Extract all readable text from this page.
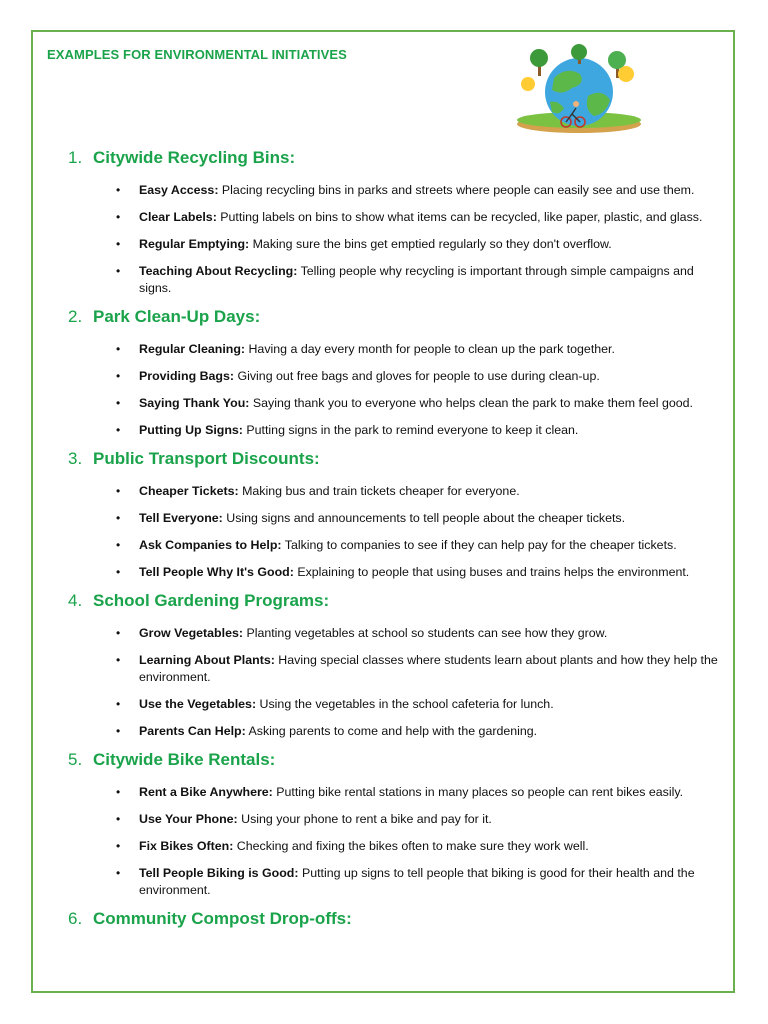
EXAMPLES FOR ENVIRONMENTAL INITIATIVES
1. Citywide Recycling Bins:
• Easy Access: Placing recycling bins in parks and streets where people can easily see and use them.
• Clear Labels: Putting labels on bins to show what items can be recycled, like paper, plastic, and glass.
• Regular Emptying: Making sure the bins get emptied regularly so they don't overflow.
• Teaching About Recycling: Telling people why recycling is important through simple campaigns and signs.
2. Park Clean-Up Days:
• Regular Cleaning: Having a day every month for people to clean up the park together.
• Providing Bags: Giving out free bags and gloves for people to use during clean-up.
• Saying Thank You: Saying thank you to everyone who helps clean the park to make them feel good.
• Putting Up Signs: Putting signs in the park to remind everyone to keep it clean.
3. Public Transport Discounts:
• Cheaper Tickets: Making bus and train tickets cheaper for everyone.
• Tell Everyone: Using signs and announcements to tell people about the cheaper tickets.
• Ask Companies to Help: Talking to companies to see if they can help pay for the cheaper tickets.
• Tell People Why It's Good: Explaining to people that using buses and trains helps the environment.
4. School Gardening Programs:
• Grow Vegetables: Planting vegetables at school so students can see how they grow.
• Learning About Plants: Having special classes where students learn about plants and how they help the environment.
• Use the Vegetables: Using the vegetables in the school cafeteria for lunch.
• Parents Can Help: Asking parents to come and help with the gardening.
5. Citywide Bike Rentals:
• Rent a Bike Anywhere: Putting bike rental stations in many places so people can rent bikes easily.
• Use Your Phone: Using your phone to rent a bike and pay for it.
• Fix Bikes Often: Checking and fixing the bikes often to make sure they work well.
• Tell People Biking is Good: Putting up signs to tell people that biking is good for their health and the environment.
6. Community Compost Drop-offs:
